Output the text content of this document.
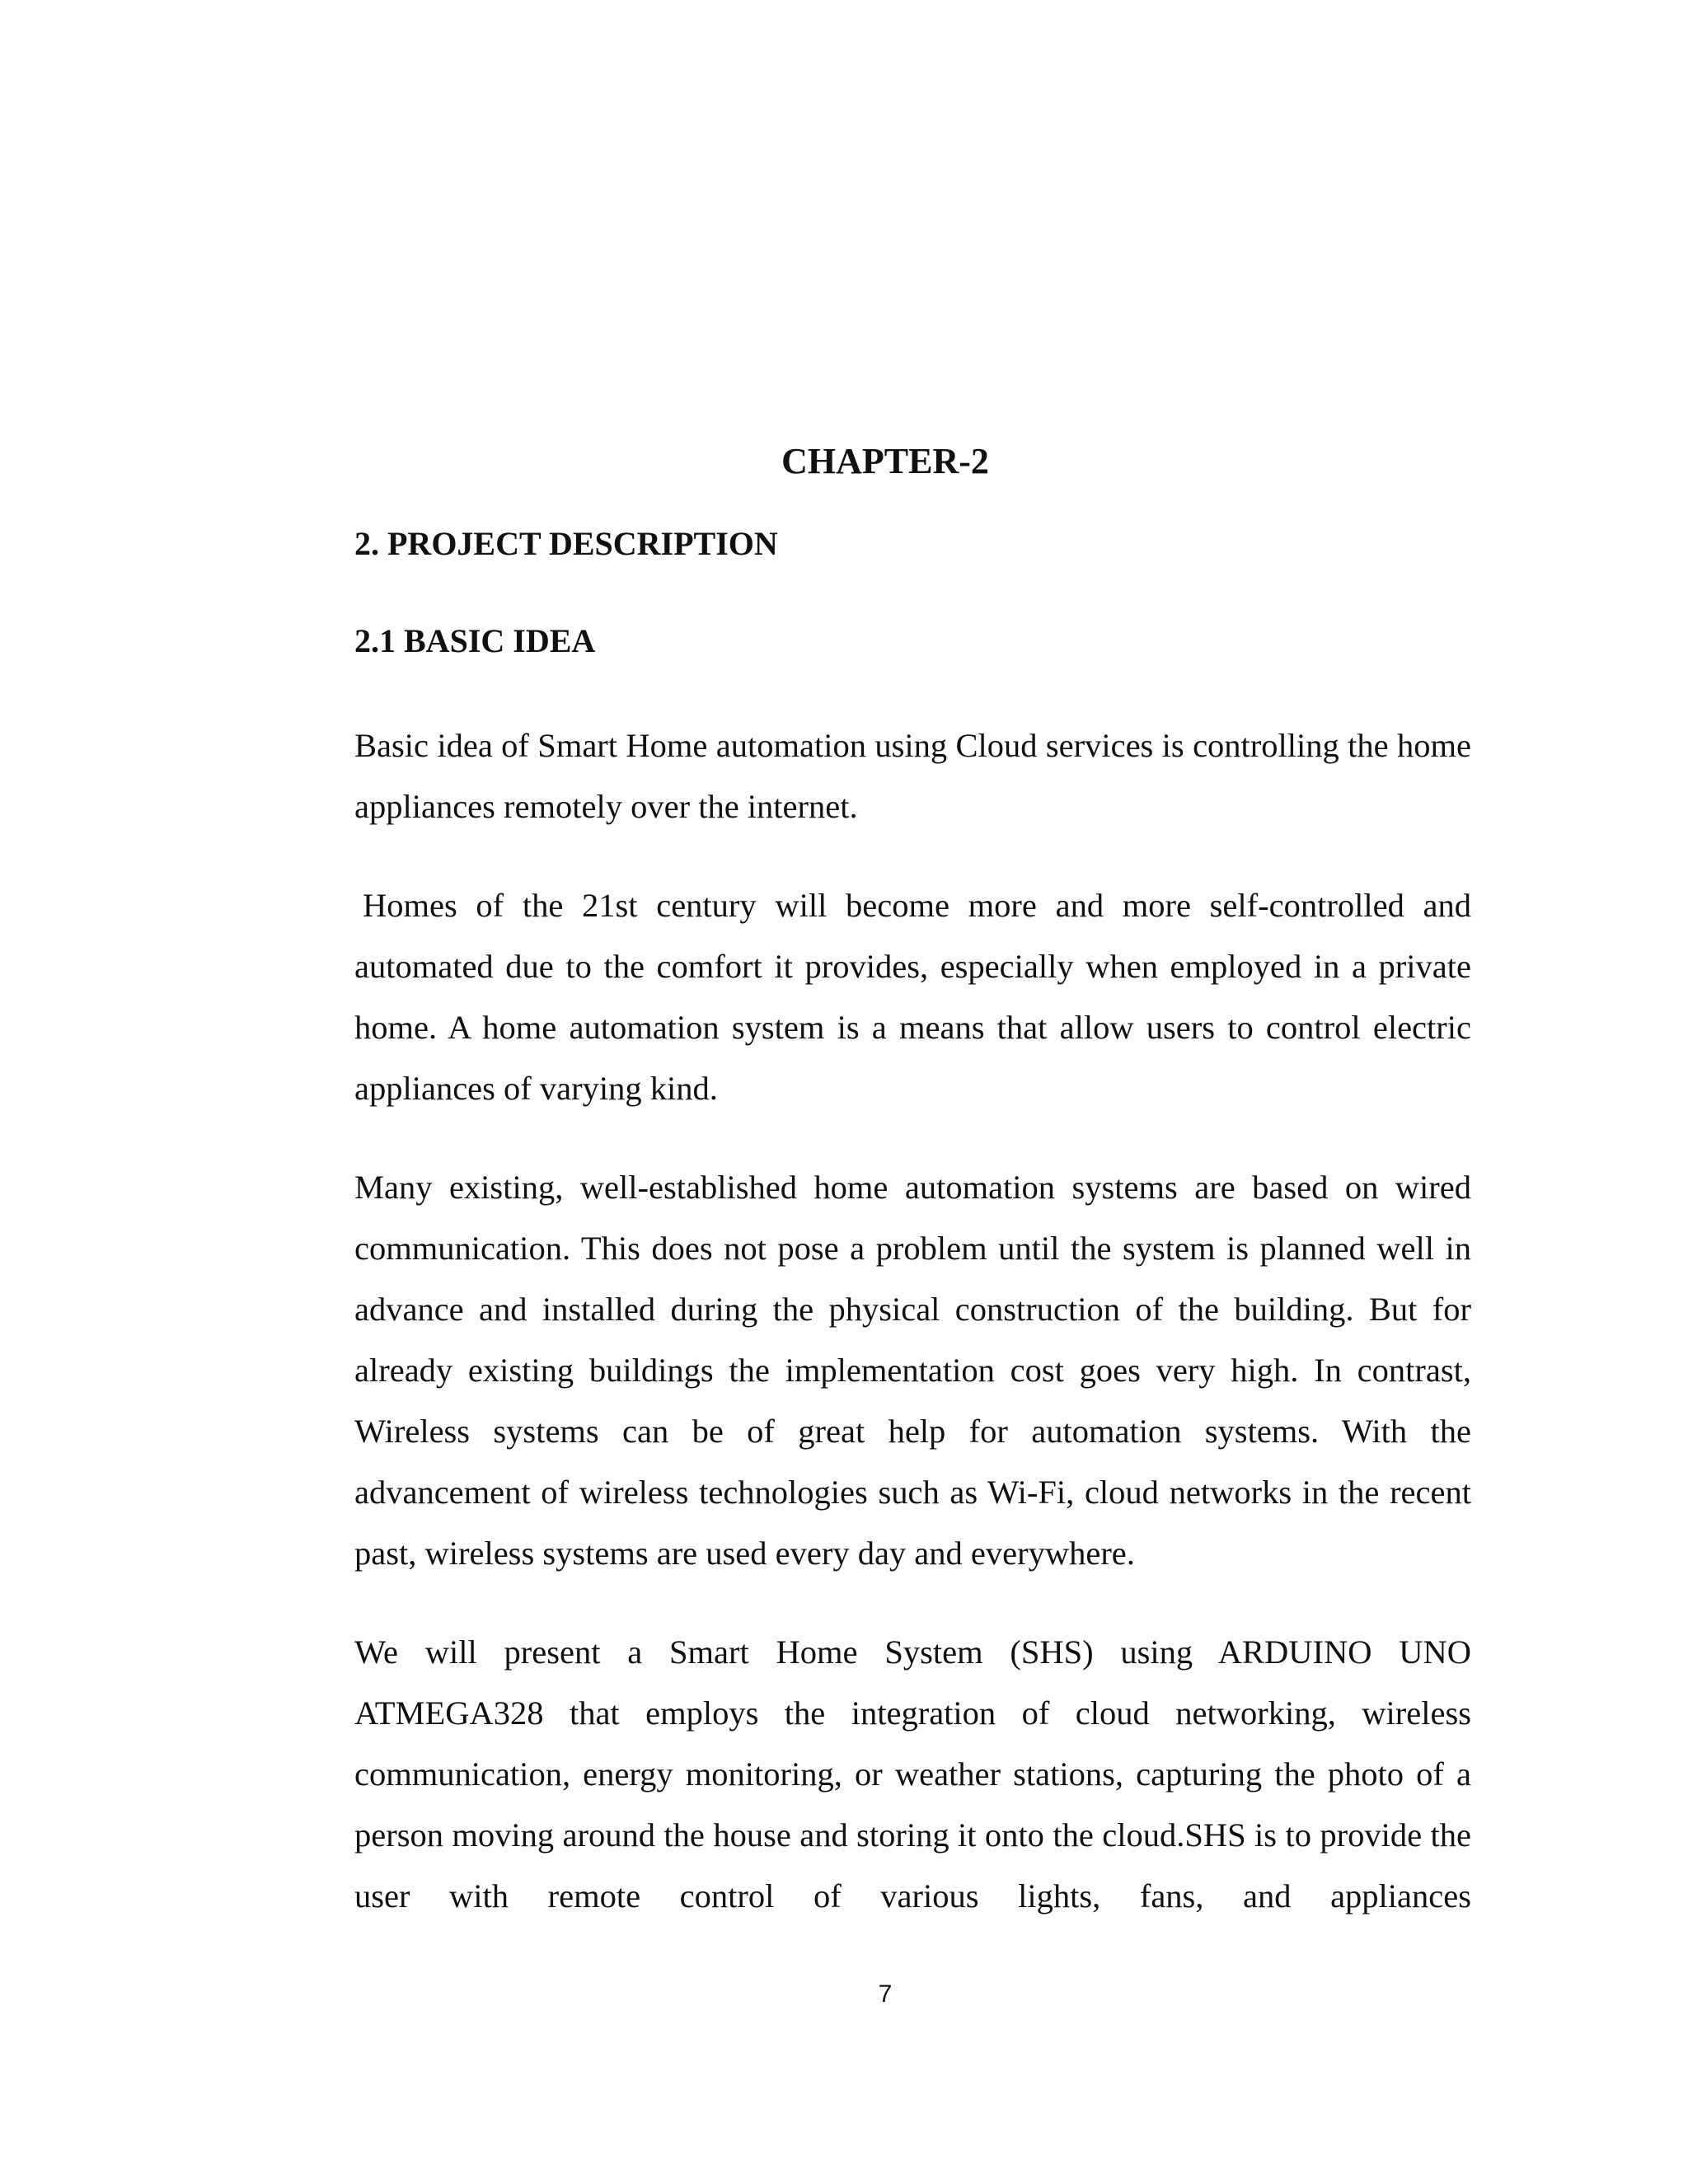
CHAPTER-2
2. PROJECT DESCRIPTION
2.1 BASIC IDEA

Basic idea of Smart Home automation using Cloud services is controlling the home appliances remotely over the internet.

Homes of the 21st century will become more and more self-controlled and automated due to the comfort it provides, especially when employed in a private home. A home automation system is a means that allow users to control electric appliances of varying kind.

Many existing, well-established home automation systems are based on wired communication. This does not pose a problem until the system is planned well in advance and installed during the physical construction of the building. But for already existing buildings the implementation cost goes very high. In contrast, Wireless systems can be of great help for automation systems. With the advancement of wireless technologies such as Wi-Fi, cloud networks in the recent past, wireless systems are used every day and everywhere.

We will present a Smart Home System (SHS) using ARDUINO UNO ATMEGA328 that employs the integration of cloud networking, wireless communication, energy monitoring, or weather stations, capturing the photo of a person moving around the house and storing it onto the cloud.SHS is to provide the user with remote control of various lights, fans, and appliances

7
